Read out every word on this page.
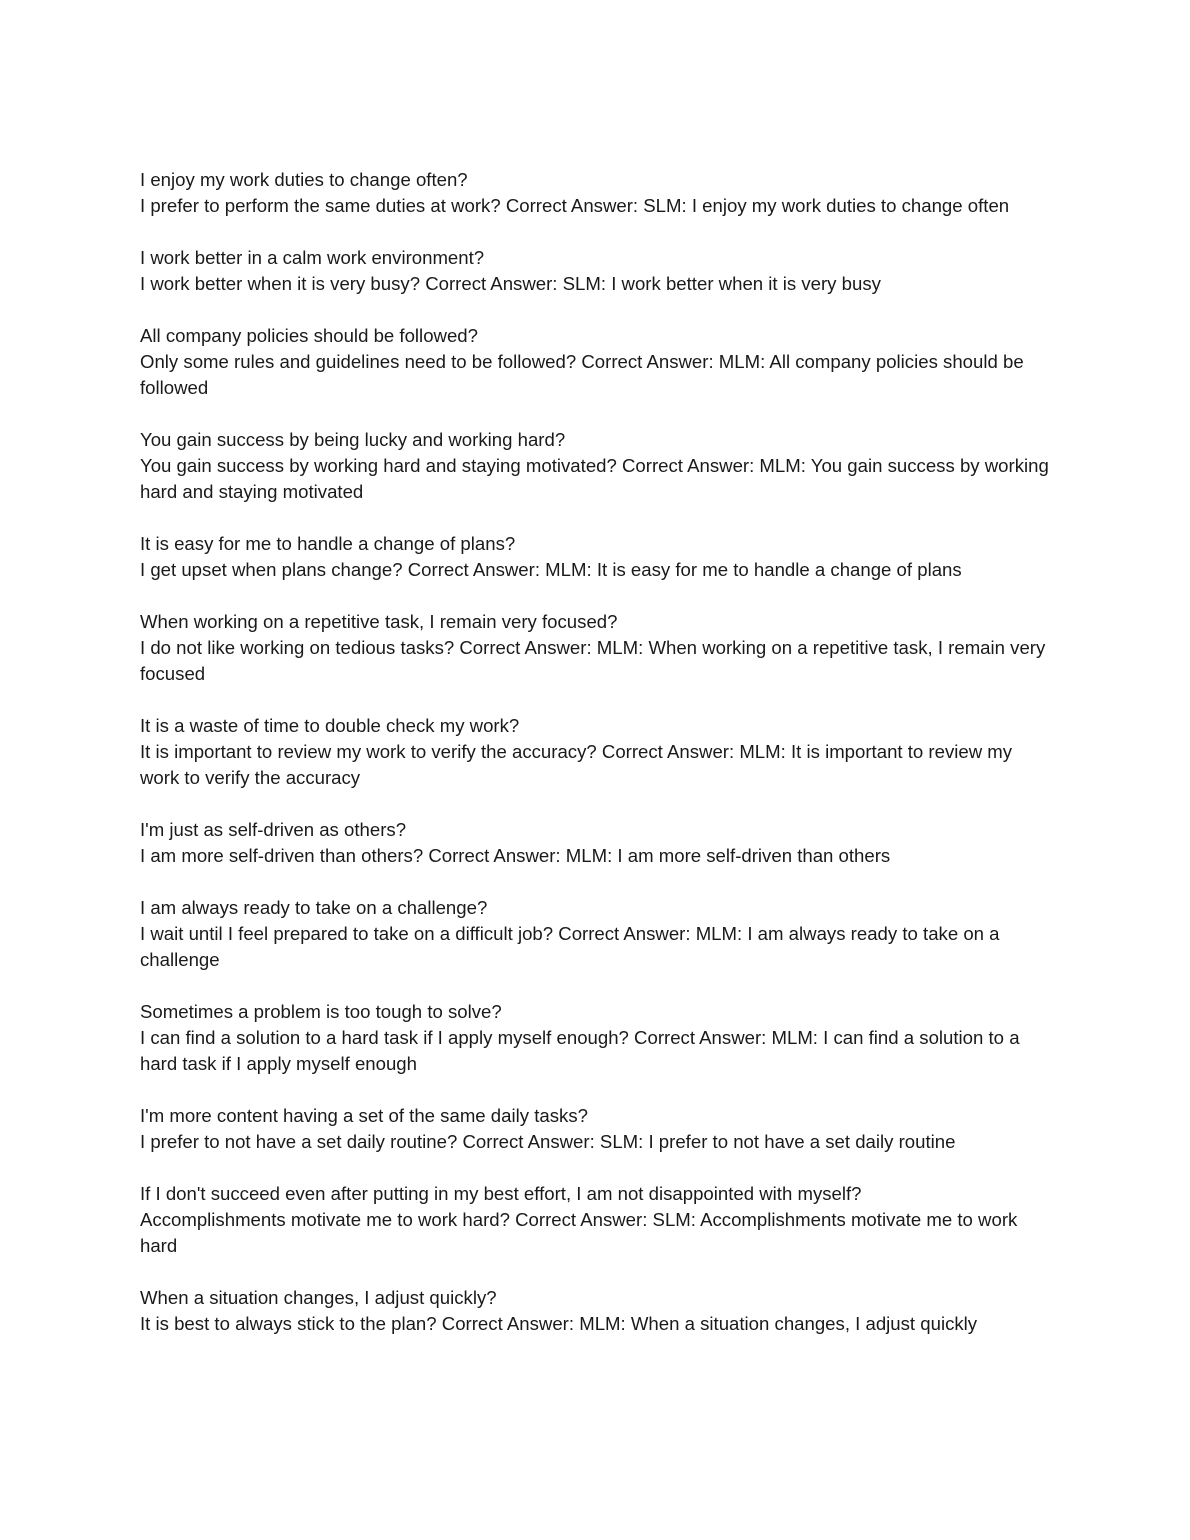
I enjoy my work duties to change often?

I prefer to perform the same duties at work? Correct Answer: SLM: I enjoy my work duties to change often

I work better in a calm work environment?

I work better when it is very busy? Correct Answer: SLM: I work better when it is very busy

All company policies should be followed?

Only some rules and guidelines need to be followed? Correct Answer: MLM: All company policies should be followed

You gain success by being lucky and working hard?

You gain success by working hard and staying motivated? Correct Answer: MLM: You gain success by working hard and staying motivated

It is easy for me to handle a change of plans?

I get upset when plans change? Correct Answer: MLM: It is easy for me to handle a change of plans

When working on a repetitive task, I remain very focused?

I do not like working on tedious tasks? Correct Answer: MLM: When working on a repetitive task, I remain very focused

It is a waste of time to double check my work?

It is important to review my work to verify the accuracy? Correct Answer: MLM: It is important to review my work to verify the accuracy

I'm just as self-driven as others?

I am more self-driven than others? Correct Answer: MLM: I am more self-driven than others

I am always ready to take on a challenge?

I wait until I feel prepared to take on a difficult job? Correct Answer: MLM: I am always ready to take on a challenge

Sometimes a problem is too tough to solve?

I can find a solution to a hard task if I apply myself enough? Correct Answer: MLM: I can find a solution to a hard task if I apply myself enough

I'm more content having a set of the same daily tasks?

I prefer to not have a set daily routine? Correct Answer: SLM: I prefer to not have a set daily routine

If I don't succeed even after putting in my best effort, I am not disappointed with myself?

Accomplishments motivate me to work hard? Correct Answer: SLM: Accomplishments motivate me to work hard

When a situation changes, I adjust quickly?

It is best to always stick to the plan? Correct Answer: MLM: When a situation changes, I adjust quickly
